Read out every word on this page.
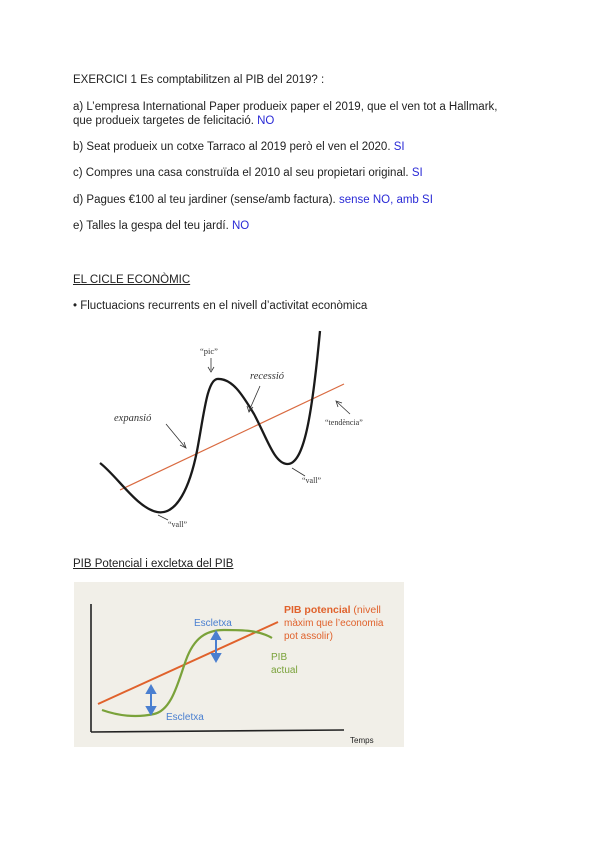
EXERCICI 1 Es comptabilitzen al PIB del 2019? :
a) L’empresa International Paper produeix paper el 2019, que el ven tot a Hallmark,
que produeix targetes de felicitació. NO
b) Seat produeix un cotxe Tarraco al 2019 però el ven el 2020. SI
c) Compres una casa construïda el 2010 al seu propietari original. SI
d) Pagues €100 al teu jardiner (sense/amb factura). sense NO, amb SI
e) Talles la gespa del teu jardí. NO
EL CICLE ECONÒMIC
• Fluctuacions recurrents en el nivell d’activitat econòmica
“pic”
recessió
expansió	“tendència”
“vall”
“vall”
PIB Potencial i excletxa del PIB
Temps
Escletxa
Escletxa
PIB potencial (nivell
màxim que l’economia
pot assolir)
PIB
actual
